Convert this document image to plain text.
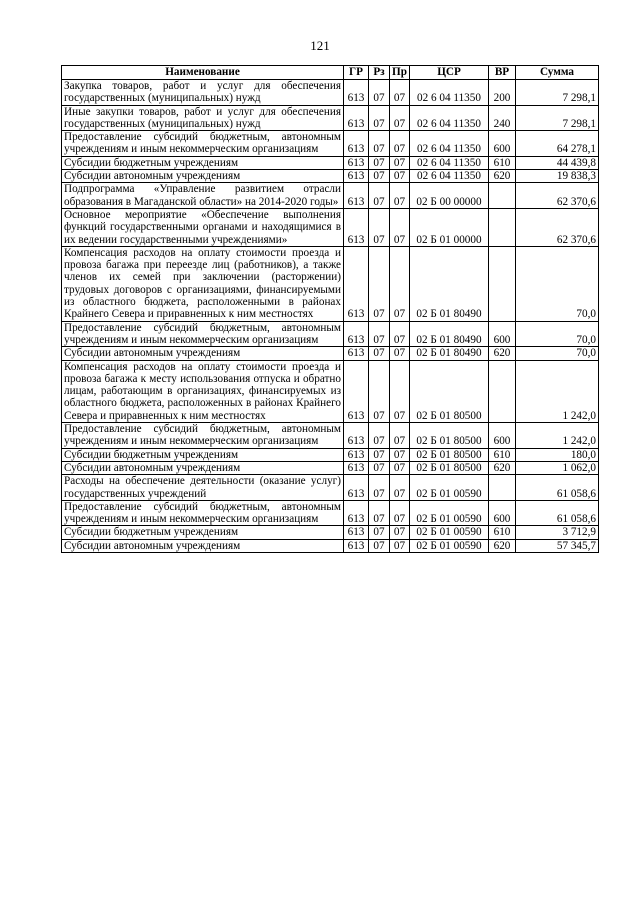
121
Наименование	ГР	Рз	Пр	ЦСР	ВР	Сумма
Закупка товаров, работ и услуг для обеспечения государственных (муниципальных) нужд	613	07	07	02 6 04 11350	200	7 298,1
Иные закупки товаров, работ и услуг для обеспечения государственных (муниципальных) нужд	613	07	07	02 6 04 11350	240	7 298,1
Предоставление субсидий бюджетным, автономным учреждениям и иным некоммерческим организациям	613	07	07	02 6 04 11350	600	64 278,1
Субсидии бюджетным учреждениям	613	07	07	02 6 04 11350	610	44 439,8
Субсидии автономным учреждениям	613	07	07	02 6 04 11350	620	19 838,3
Подпрограмма «Управление развитием отрасли образования в Магаданской области» на 2014-2020 годы»	613	07	07	02 Б 00 00000		62 370,6
Основное мероприятие «Обеспечение выполнения функций государственными органами и находящимися в их ведении государственными учреждениями»	613	07	07	02 Б 01 00000		62 370,6
Компенсация расходов на оплату стоимости проезда и провоза багажа при переезде лиц (работников), а также членов их семей при заключении (расторжении) трудовых договоров с организациями, финансируемыми из областного бюджета, расположенными в районах Крайнего Севера и приравненных к ним местностях	613	07	07	02 Б 01 80490		70,0
Предоставление субсидий бюджетным, автономным учреждениям и иным некоммерческим организациям	613	07	07	02 Б 01 80490	600	70,0
Субсидии автономным учреждениям	613	07	07	02 Б 01 80490	620	70,0
Компенсация расходов на оплату стоимости проезда и провоза багажа к месту использования отпуска и обратно лицам, работающим в организациях, финансируемых из областного бюджета, расположенных в районах Крайнего Севера и приравненных к ним местностях	613	07	07	02 Б 01 80500		1 242,0
Предоставление субсидий бюджетным, автономным учреждениям и иным некоммерческим организациям	613	07	07	02 Б 01 80500	600	1 242,0
Субсидии бюджетным учреждениям	613	07	07	02 Б 01 80500	610	180,0
Субсидии автономным учреждениям	613	07	07	02 Б 01 80500	620	1 062,0
Расходы на обеспечение деятельности (оказание услуг) государственных учреждений	613	07	07	02 Б 01 00590		61 058,6
Предоставление субсидий бюджетным, автономным учреждениям и иным некоммерческим организациям	613	07	07	02 Б 01 00590	600	61 058,6
Субсидии бюджетным учреждениям	613	07	07	02 Б 01 00590	610	3 712,9
Субсидии автономным учреждениям	613	07	07	02 Б 01 00590	620	57 345,7
